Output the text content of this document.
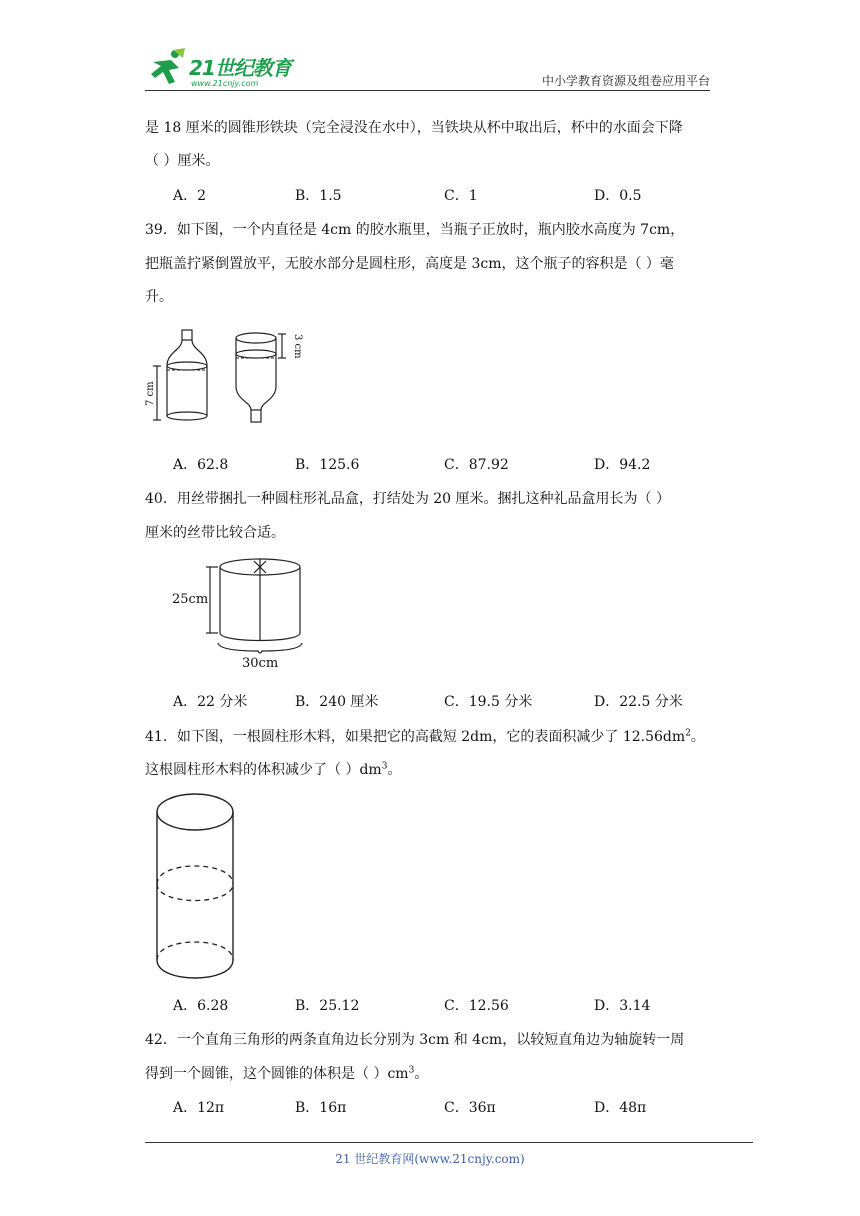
21世纪教育
www.21cnjy.com	中小学教育资源及组卷应用平台
是 18 厘米的圆锥形铁块（完全浸没在水中），当铁块从杯中取出后，杯中的水面会下降
（ ）厘米。
A．2	B．1.5	C．1	D．0.5
39．如下图，一个内直径是 4cm 的胶水瓶里，当瓶子正放时，瓶内胶水高度为 7cm，
把瓶盖拧紧倒置放平，无胶水部分是圆柱形，高度是 3cm，这个瓶子的容积是（ ）毫
升。
7 cm
3 cm
A．62.8	B．125.6	C．87.92	D．94.2
40．用丝带捆扎一种圆柱形礼品盒，打结处为 20 厘米。捆扎这种礼品盒用长为（ ）
厘米的丝带比较合适。
25cm
30cm
A．22 分米	B．240 厘米	C．19.5 分米	D．22.5 分米
41．如下图，一根圆柱形木料，如果把它的高截短 2dm，它的表面积减少了 $12.56dm^2$。
这根圆柱形木料的体积减少了（ ）$dm^3$。
A．6.28	B．25.12	C．12.56	D．3.14
42．一个直角三角形的两条直角边长分别为 3cm 和 4cm，以较短直角边为轴旋转一周
得到一个圆锥，这个圆锥的体积是（ ）$cm^3$。
A．12π	B．16π	C．36π	D．48π
21 世纪教育网(www.21cnjy.com)
